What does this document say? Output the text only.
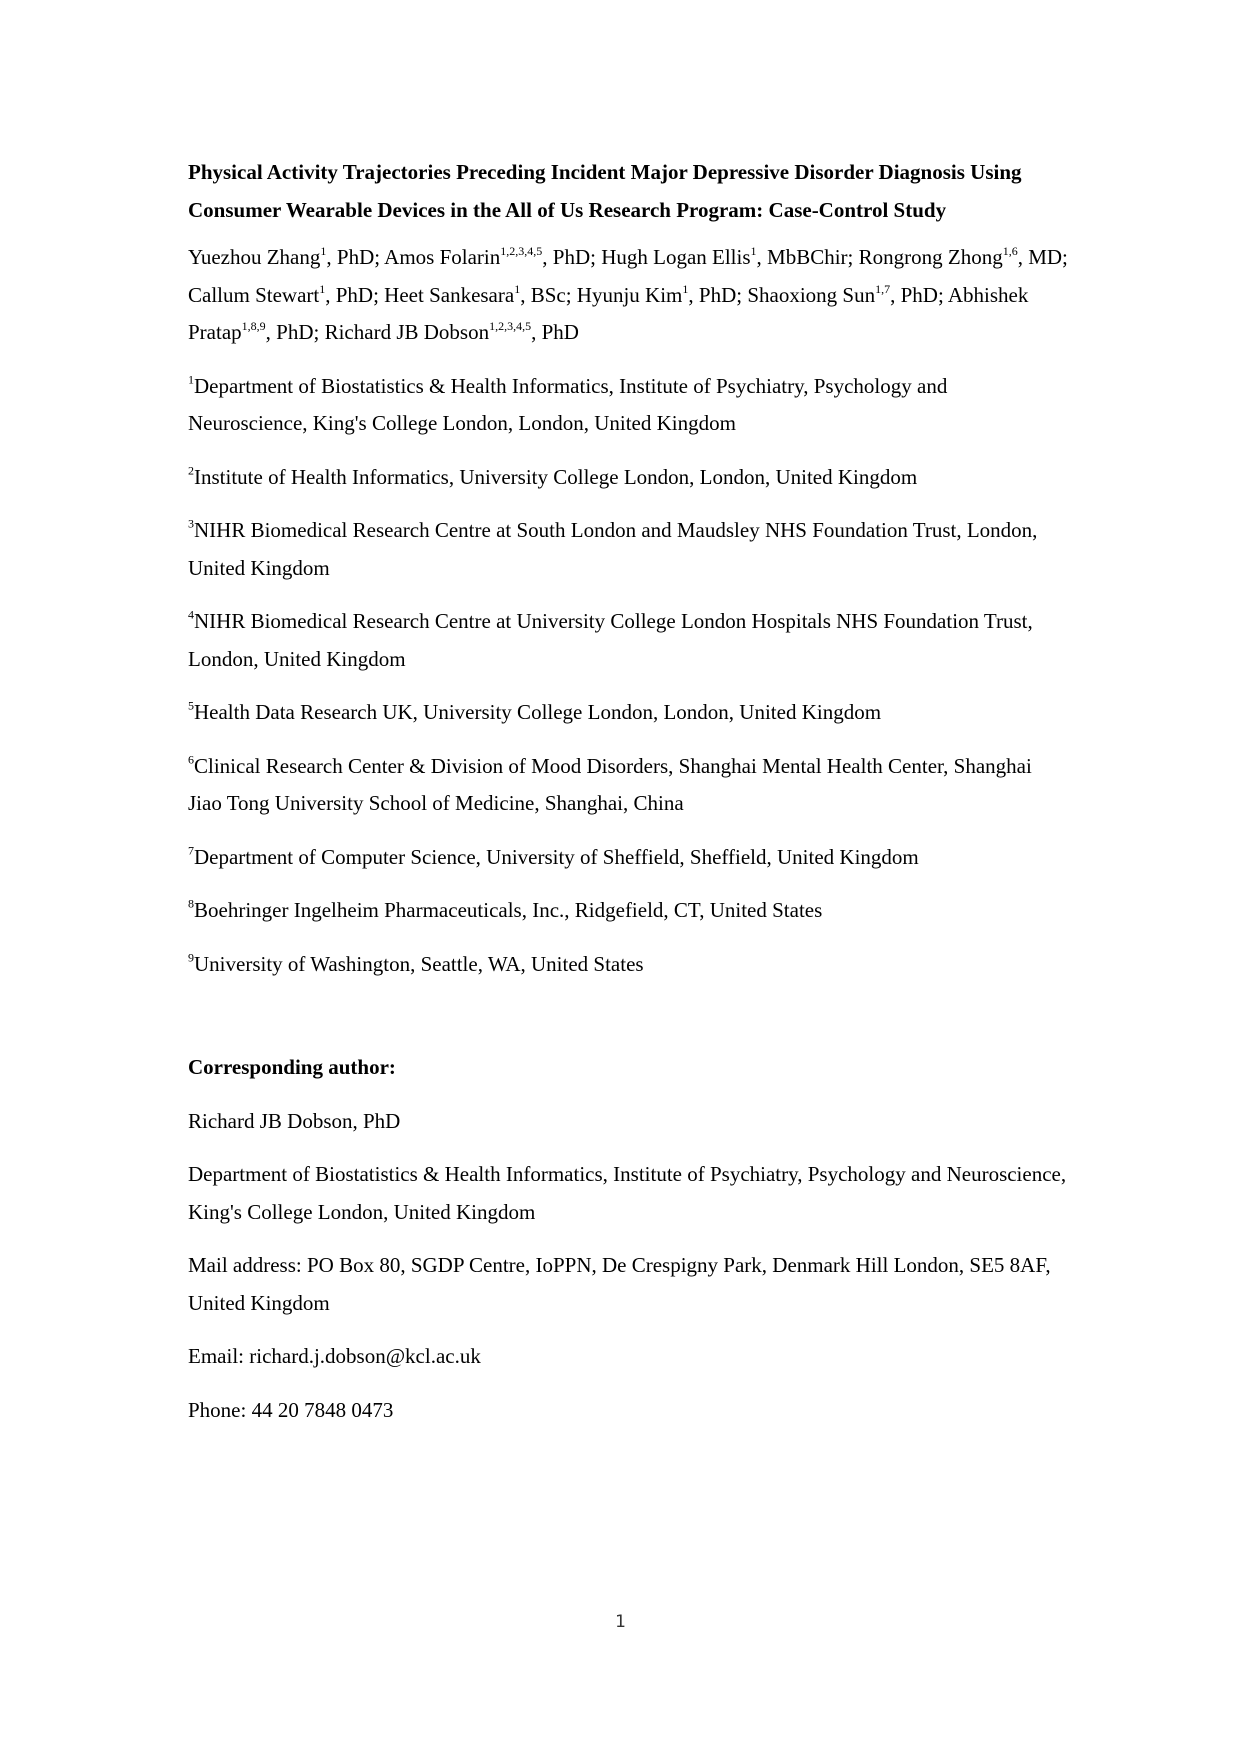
Physical Activity Trajectories Preceding Incident Major Depressive Disorder Diagnosis Using Consumer Wearable Devices in the All of Us Research Program: Case-Control Study
Yuezhou Zhang$^1$, PhD; Amos Folarin$^{1,2,3,4,5}$, PhD; Hugh Logan Ellis$^1$, MbBChir; Rongrong Zhong$^{1,6}$, MD; Callum Stewart$^1$, PhD; Heet Sankesara$^1$, BSc; Hyunju Kim$^1$, PhD; Shaoxiong Sun$^{1,7}$, PhD; Abhishek Pratap$^{1,8,9}$, PhD; Richard JB Dobson$^{1,2,3,4,5}$, PhD
$^1$Department of Biostatistics & Health Informatics, Institute of Psychiatry, Psychology and Neuroscience, King's College London, London, United Kingdom
$^2$Institute of Health Informatics, University College London, London, United Kingdom
$^3$NIHR Biomedical Research Centre at South London and Maudsley NHS Foundation Trust, London, United Kingdom
$^4$NIHR Biomedical Research Centre at University College London Hospitals NHS Foundation Trust, London, United Kingdom
$^5$Health Data Research UK, University College London, London, United Kingdom
$^6$Clinical Research Center & Division of Mood Disorders, Shanghai Mental Health Center, Shanghai Jiao Tong University School of Medicine, Shanghai, China
$^7$Department of Computer Science, University of Sheffield, Sheffield, United Kingdom
$^8$Boehringer Ingelheim Pharmaceuticals, Inc., Ridgefield, CT, United States
$^9$University of Washington, Seattle, WA, United States
Corresponding author:
Richard JB Dobson, PhD
Department of Biostatistics & Health Informatics, Institute of Psychiatry, Psychology and Neuroscience, King's College London, United Kingdom
Mail address: PO Box 80, SGDP Centre, IoPPN, De Crespigny Park, Denmark Hill London, SE5 8AF, United Kingdom
Email: richard.j.dobson@kcl.ac.uk
Phone: 44 20 7848 0473
1
